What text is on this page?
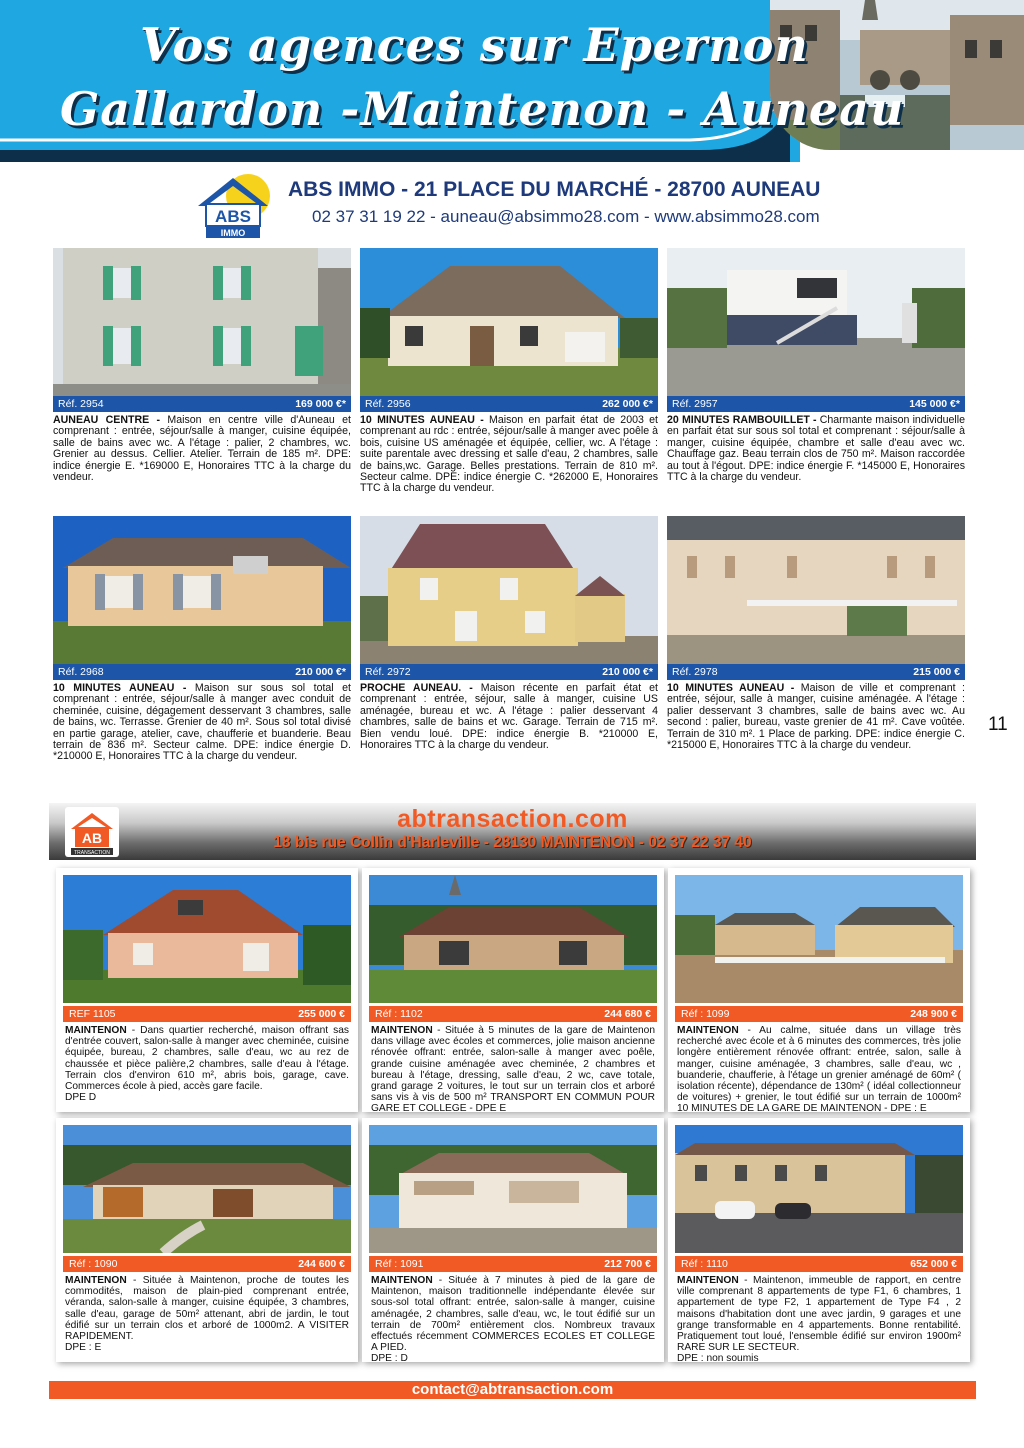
Vos agences sur Epernon
Gallardon -Maintenon - Auneau
ABS
IMMO
ABS IMMO - 21 PLACE DU MARCHÉ - 28700 AUNEAU
02 37 31 19 22 - auneau@absimmo28.com - www.absimmo28.com
Réf. 2954	169 000 €*
AUNEAU CENTRE - Maison en centre ville d'Auneau et comprenant : entrée, séjour/salle à manger, cuisine équipée, salle de bains avec wc. A l'étage : palier, 2 chambres, wc. Grenier au dessus. Cellier. Atelier. Terrain de 185 m². DPE: indice énergie E. *169000 E, Honoraires TTC à la charge du vendeur.
Réf. 2956	262 000 €*
10 MINUTES AUNEAU - Maison en parfait état de 2003 et comprenant au rdc : entrée, séjour/salle à manger avec poêle à bois, cuisine US aménagée et équipée, cellier, wc. A l'étage : suite parentale avec dressing et salle d'eau, 2 chambres, salle de bains,wc. Garage. Belles prestations. Terrain de 810 m². Secteur calme. DPE: indice énergie C. *262000 E, Honoraires TTC à la charge du vendeur.
Réf. 2957	145 000 €*
20 MINUTES RAMBOUILLET - Charmante maison individuelle en parfait état sur sous sol total et comprenant : séjour/salle à manger, cuisine équipée, chambre et salle d'eau avec wc. Chauffage gaz. Beau terrain clos de 750 m². Maison raccordée au tout à l'égout. DPE: indice énergie F. *145000 E, Honoraires TTC à la charge du vendeur.
Réf. 2968	210 000 €*
10 MINUTES AUNEAU - Maison sur sous sol total et comprenant : entrée, séjour/salle à manger avec conduit de cheminée, cuisine, dégagement desservant 3 chambres, salle de bains, wc. Terrasse. Grenier de 40 m². Sous sol total divisé en partie garage, atelier, cave, chaufferie et buanderie. Beau terrain de 836 m². Secteur calme. DPE: indice énergie D. *210000 E, Honoraires TTC à la charge du vendeur.
Réf. 2972	210 000 €*
PROCHE AUNEAU. - Maison récente en parfait état et comprenant : entrée, séjour, salle à manger, cuisine US aménagée, bureau et wc. A l'étage : palier desservant 4 chambres, salle de bains et wc. Garage. Terrain de 715 m². Bien vendu loué. DPE: indice énergie B. *210000 E, Honoraires TTC à la charge du vendeur.
Réf. 2978	215 000 €
10 MINUTES AUNEAU - Maison de ville et comprenant : entrée, séjour, salle à manger, cuisine aménagée. A l'étage : palier desservant 3 chambres, salle de bains avec wc. Au second : palier, bureau, vaste grenier de 41 m². Cave voûtée. Terrain de 310 m². 1 Place de parking. DPE: indice énergie C. *215000 E, Honoraires TTC à la charge du vendeur.
11
AB
TRANSACTION
abtransaction.com
18 bis rue Collin d'Harleville - 28130 MAINTENON - 02 37 22 37 40
REF 1105	255 000 €
MAINTENON - Dans quartier recherché, maison offrant sas d'entrée couvert, salon-salle à manger avec cheminée, cuisine équipée, bureau, 2 chambres, salle d'eau, wc au rez de chaussée et pièce palière,2 chambres, salle d'eau à l'étage. Terrain clos d'environ 610 m², abris bois, garage, cave. Commerces école à pied, accès gare facile.
DPE D
Réf : 1102	244 680 €
MAINTENON - Située à 5 minutes de la gare de Maintenon dans village avec écoles et commerces, jolie maison ancienne rénovée offrant: entrée, salon-salle à manger avec poêle, grande cuisine aménagée avec cheminée, 2 chambres et bureau à l'étage, dressing, salle d'eau, 2 wc, cave totale, grand garage 2 voitures, le tout sur un terrain clos et arboré sans vis à vis de 500 m² TRANSPORT EN COMMUN POUR GARE ET COLLEGE - DPE E
Réf : 1099	248 900 €
MAINTENON - Au calme, située dans un village très recherché avec école et à 6 minutes des commerces, très jolie longère entièrement rénovée offrant: entrée, salon, salle à manger, cuisine aménagée, 3 chambres, salle d'eau, wc , buanderie, chaufferie, à l'étage un grenier aménagé de 60m² ( isolation récente), dépendance de 130m² ( idéal collectionneur de voitures) + grenier, le tout édifié sur un terrain de 1000m² 10 MINUTES DE LA GARE DE MAINTENON - DPE : E
Réf : 1090	244 600 €
MAINTENON - Située à Maintenon, proche de toutes les commodités, maison de plain-pied comprenant entrée, véranda, salon-salle à manger, cuisine équipée, 3 chambres, salle d'eau, garage de 50m² attenant, abri de jardin, le tout édifié sur un terrain clos et arboré de 1000m2. A VISITER RAPIDEMENT.
DPE : E
Réf : 1091	212 700 €
MAINTENON - Située à 7 minutes à pied de la gare de Maintenon, maison traditionnelle indépendante élevée sur sous-sol total offrant: entrée, salon-salle à manger, cuisine aménagée, 2 chambres, salle d'eau, wc, le tout édifié sur un terrain de 700m² entièrement clos. Nombreux travaux effectués récemment COMMERCES ECOLES ET COLLEGE A PIED.
DPE : D
Réf : 1110	652 000 €
MAINTENON - Maintenon, immeuble de rapport, en centre ville comprenant 8 appartements de type F1, 6 chambres, 1 appartement de type F2, 1 appartement de Type F4 , 2 maisons d'habitation dont une avec jardin, 9 garages et une grange transformable en 4 appartements. Bonne rentabilité. Pratiquement tout loué, l'ensemble édifié sur environ 1900m² RARE SUR LE SECTEUR.
DPE : non soumis
contact@abtransaction.com
